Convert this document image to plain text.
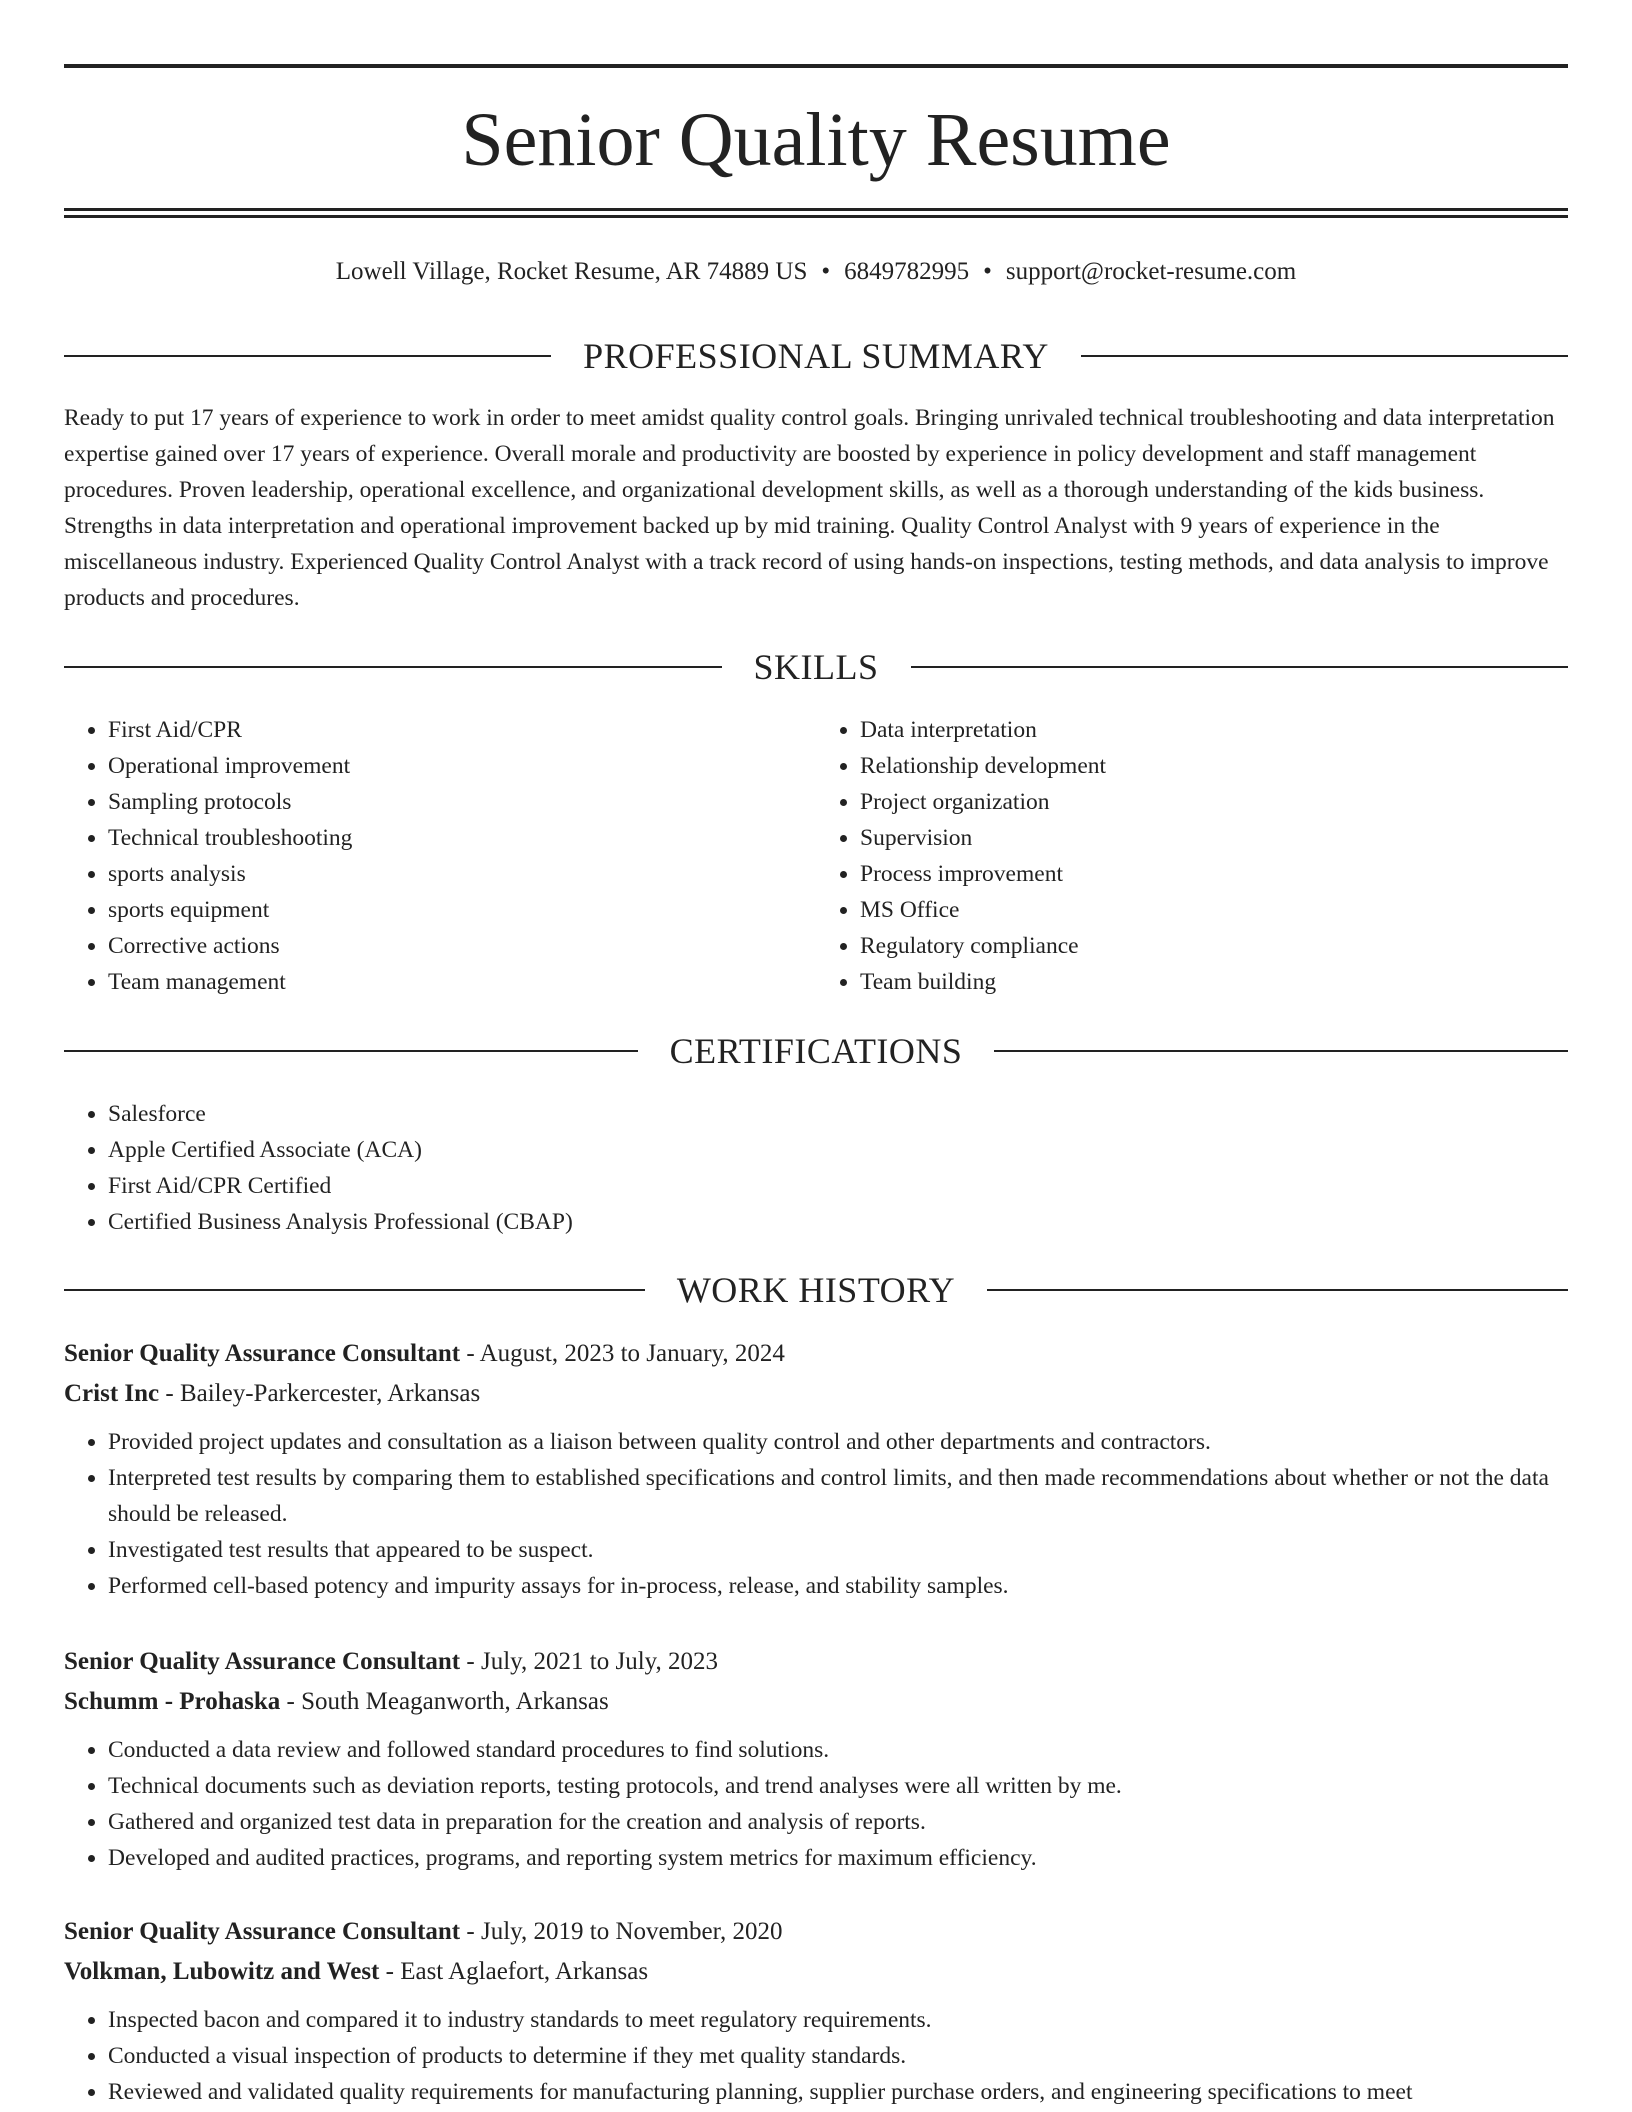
Senior Quality Resume
Lowell Village, Rocket Resume, AR 74889 US • 6849782995 • support@rocket-resume.com
PROFESSIONAL SUMMARY
Ready to put 17 years of experience to work in order to meet amidst quality control goals. Bringing unrivaled technical troubleshooting and data interpretation expertise gained over 17 years of experience. Overall morale and productivity are boosted by experience in policy development and staff management procedures. Proven leadership, operational excellence, and organizational development skills, as well as a thorough understanding of the kids business. Strengths in data interpretation and operational improvement backed up by mid training. Quality Control Analyst with 9 years of experience in the miscellaneous industry. Experienced Quality Control Analyst with a track record of using hands-on inspections, testing methods, and data analysis to improve products and procedures.
SKILLS
• First Aid/CPR
• Operational improvement
• Sampling protocols
• Technical troubleshooting
• sports analysis
• sports equipment
• Corrective actions
• Team management
• Data interpretation
• Relationship development
• Project organization
• Supervision
• Process improvement
• MS Office
• Regulatory compliance
• Team building
CERTIFICATIONS
• Salesforce
• Apple Certified Associate (ACA)
• First Aid/CPR Certified
• Certified Business Analysis Professional (CBAP)
WORK HISTORY
Senior Quality Assurance Consultant - August, 2023 to January, 2024
Crist Inc - Bailey-Parkercester, Arkansas
• Provided project updates and consultation as a liaison between quality control and other departments and contractors.
• Interpreted test results by comparing them to established specifications and control limits, and then made recommendations about whether or not the data should be released.
• Investigated test results that appeared to be suspect.
• Performed cell-based potency and impurity assays for in-process, release, and stability samples.
Senior Quality Assurance Consultant - July, 2021 to July, 2023
Schumm - Prohaska - South Meaganworth, Arkansas
• Conducted a data review and followed standard procedures to find solutions.
• Technical documents such as deviation reports, testing protocols, and trend analyses were all written by me.
• Gathered and organized test data in preparation for the creation and analysis of reports.
• Developed and audited practices, programs, and reporting system metrics for maximum efficiency.
Senior Quality Assurance Consultant - July, 2019 to November, 2020
Volkman, Lubowitz and West - East Aglaefort, Arkansas
• Inspected bacon and compared it to industry standards to meet regulatory requirements.
• Conducted a visual inspection of products to determine if they met quality standards.
• Reviewed and validated quality requirements for manufacturing planning, supplier purchase orders, and engineering specifications to meet
